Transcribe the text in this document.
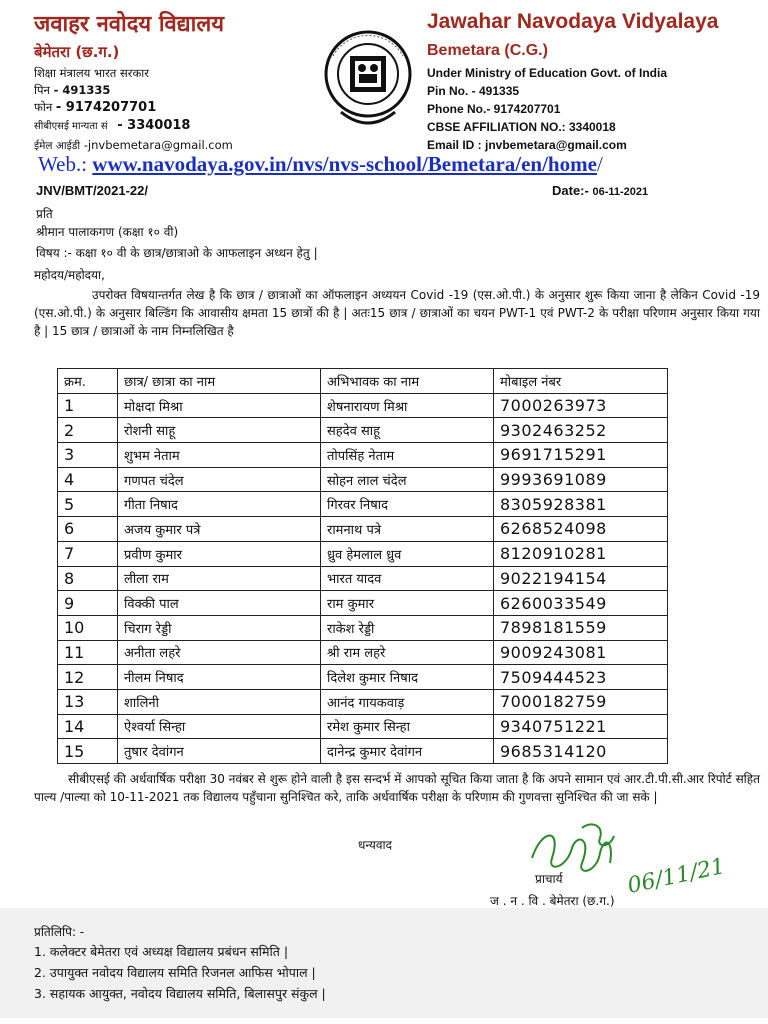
जवाहर नवोदय विद्यालय
बेमेतरा (छ.ग.)
शिक्षा मंत्रालय भारत सरकार
पिन - 491335
फोन - 9174207701
सीबीएसई मान्यता सं - 3340018
ईमेल आईडी -jnvbemetara@gmail.com
Jawahar Navodaya Vidyalaya
Bemetara (C.G.)
Under Ministry of Education Govt. of India
Pin No. - 491335
Phone No.- 9174207701
CBSE AFFILIATION NO.: 3340018
Email ID : jnvbemetara@gmail.com
Web.: www.navodaya.gov.in/nvs/nvs-school/Bemetara/en/home/
JNV/BMT/2021-22/	Date:- 06-11-2021
प्रति
श्रीमान पालाकगण (कक्षा १० वी)
विषय :- कक्षा १० वी के छात्र/छात्राओ के आफलाइन अध्धन हेतु |
महोदय/महोदया,
उपरोक्त विषयान्तर्गत लेख है कि छात्र / छात्राओं का ऑफलाइन अध्ययन Covid -19 (एस.ओ.पी.) के अनुसार शुरू किया जाना है लेकिन Covid -19 (एस.ओ.पी.) के अनुसार बिल्डिंग कि आवासीय क्षमता 15 छात्रों की है | अतः15 छात्र / छात्राओं का चयन PWT-1 एवं PWT-2 के परीक्षा परिणाम अनुसार किया गया है | 15 छात्र / छात्राओं के नाम निम्नलिखित है
क्रम.	छात्र/ छात्रा का नाम	अभिभावक का नाम	मोबाइल नंबर
1	मोक्षदा मिश्रा	शेषनारायण मिश्रा	7000263973
2	रोशनी साहू	सहदेव साहू	9302463252
3	शुभम नेताम	तोपसिंह नेताम	9691715291
4	गणपत चंदेल	सोहन लाल चंदेल	9993691089
5	गीता निषाद	गिरवर निषाद	8305928381
6	अजय कुमार पत्रे	रामनाथ पत्रे	6268524098
7	प्रवीण कुमार	ध्रुव हेमलाल ध्रुव	8120910281
8	लीला राम	भारत यादव	9022194154
9	विक्की पाल	राम कुमार	6260033549
10	चिराग रेड्डी	राकेश रेड्डी	7898181559
11	अनीता लहरे	श्री राम लहरे	9009243081
12	नीलम निषाद	दिलेश कुमार निषाद	7509444523
13	शालिनी	आनंद गायकवाड़	7000182759
14	ऐश्वर्या सिन्हा	रमेश कुमार सिन्हा	9340751221
15	तुषार देवांगन	दानेन्द्र कुमार देवांगन	9685314120
सीबीएसई की अर्धवार्षिक परीक्षा 30 नवंबर से शुरू होने वाली है इस सन्दर्भ में आपको सूचित किया जाता है कि अपने सामान एवं आर.टी.पी.सी.आर रिपोर्ट सहित पाल्य /पाल्या को 10-11-2021 तक विद्यालय पहुँचाना सुनिश्चित करे, ताकि अर्धवार्षिक परीक्षा के परिणाम की गुणवत्ता सुनिश्चित की जा सके |
धन्यवाद
06/11/21
प्राचार्य
ज . न . वि . बेमेतरा (छ.ग.)
प्रतिलिपि: -
1. कलेक्टर बेमेतरा एवं अध्यक्ष विद्यालय प्रबंधन समिति |
2. उपायुक्त नवोदय विद्यालय समिति रिजनल आफिस भोपाल |
3. सहायक आयुक्त, नवोदय विद्यालय समिति, बिलासपुर संकुल |
